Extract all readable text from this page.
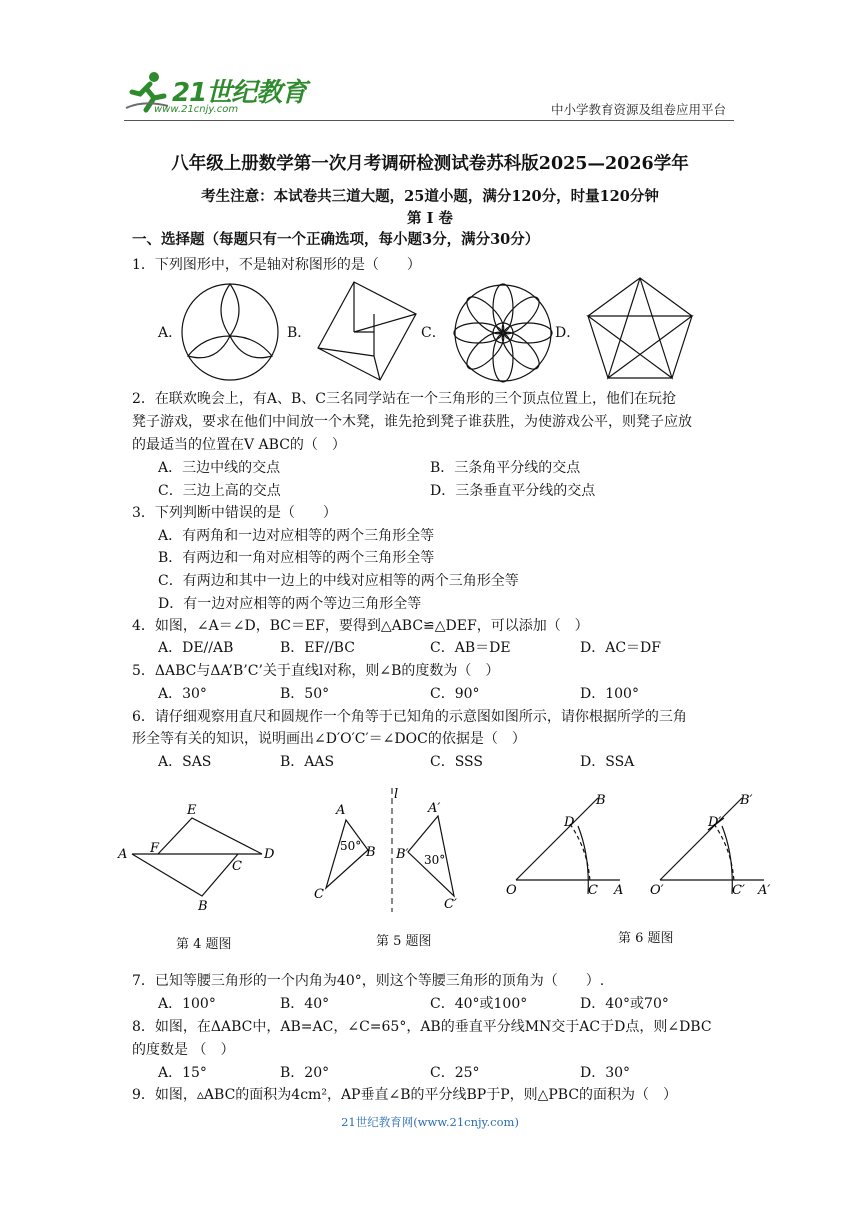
21世纪教育
www.21cnjy.com	中小学教育资源及组卷应用平台
八年级上册数学第一次月考调研检测试卷苏科版2025—2026学年
考生注意：本试卷共三道大题，25道小题，满分120分，时量120分钟
第 I 卷
一、选择题（每题只有一个正确选项，每小题3分，满分30分）
1．下列图形中，不是轴对称图形的是（　　）
A．	B．	C．	D．
2．在联欢晚会上，有A、B、C三名同学站在一个三角形的三个顶点位置上，他们在玩抢
凳子游戏，要求在他们中间放一个木凳，谁先抢到凳子谁获胜，为使游戏公平，则凳子应放
的最适当的位置在V ABC的（　）
A．三边中线的交点	B．三条角平分线的交点
C．三边上高的交点	D．三条垂直平分线的交点
3．下列判断中错误的是（　　）
A．有两角和一边对应相等的两个三角形全等
B．有两边和一角对应相等的两个三角形全等
C．有两边和其中一边上的中线对应相等的两个三角形全等
D．有一边对应相等的两个等边三角形全等
4．如图，∠A＝∠D，BC＝EF，要得到△ABC≌△DEF，可以添加（　）
A．DE//AB	B．EF//BC	C．AB＝DE	D．AC＝DF
5．ΔABC与ΔA’B’C’关于直线l对称，则∠B的度数为（　）
A．30°	B．50°	C．90°	D．100°
6．请仔细观察用直尺和圆规作一个角等于已知角的示意图如图所示，请你根据所学的三角
形全等有关的知识，说明画出∠D′O′C′＝∠DOC的依据是（　）
A．SAS	B．AAS	C．SSS	D．SSA
E
A F	D
C
B
第 4 题图
A
B
C
A′
B′
C′
l
50°
30°
第 5 题图
B
D
O	C A
B′
D′
O′	C′ A′
第 6 题图
7．已知等腰三角形的一个内角为40°，则这个等腰三角形的顶角为（　　）.
A．100°	B．40°	C．40°或100°	D．40°或70°
8．如图，在ΔABC中，AB=AC，∠C=65°，AB的垂直平分线MN交于AC于D点，则∠DBC
的度数是 （　）
A．15°	B．20°	C．25°	D．30°
9．如图，▵ABC的面积为4cm²，AP垂直∠B的平分线BP于P，则△PBC的面积为（　）
21世纪教育网(www.21cnjy.com)
